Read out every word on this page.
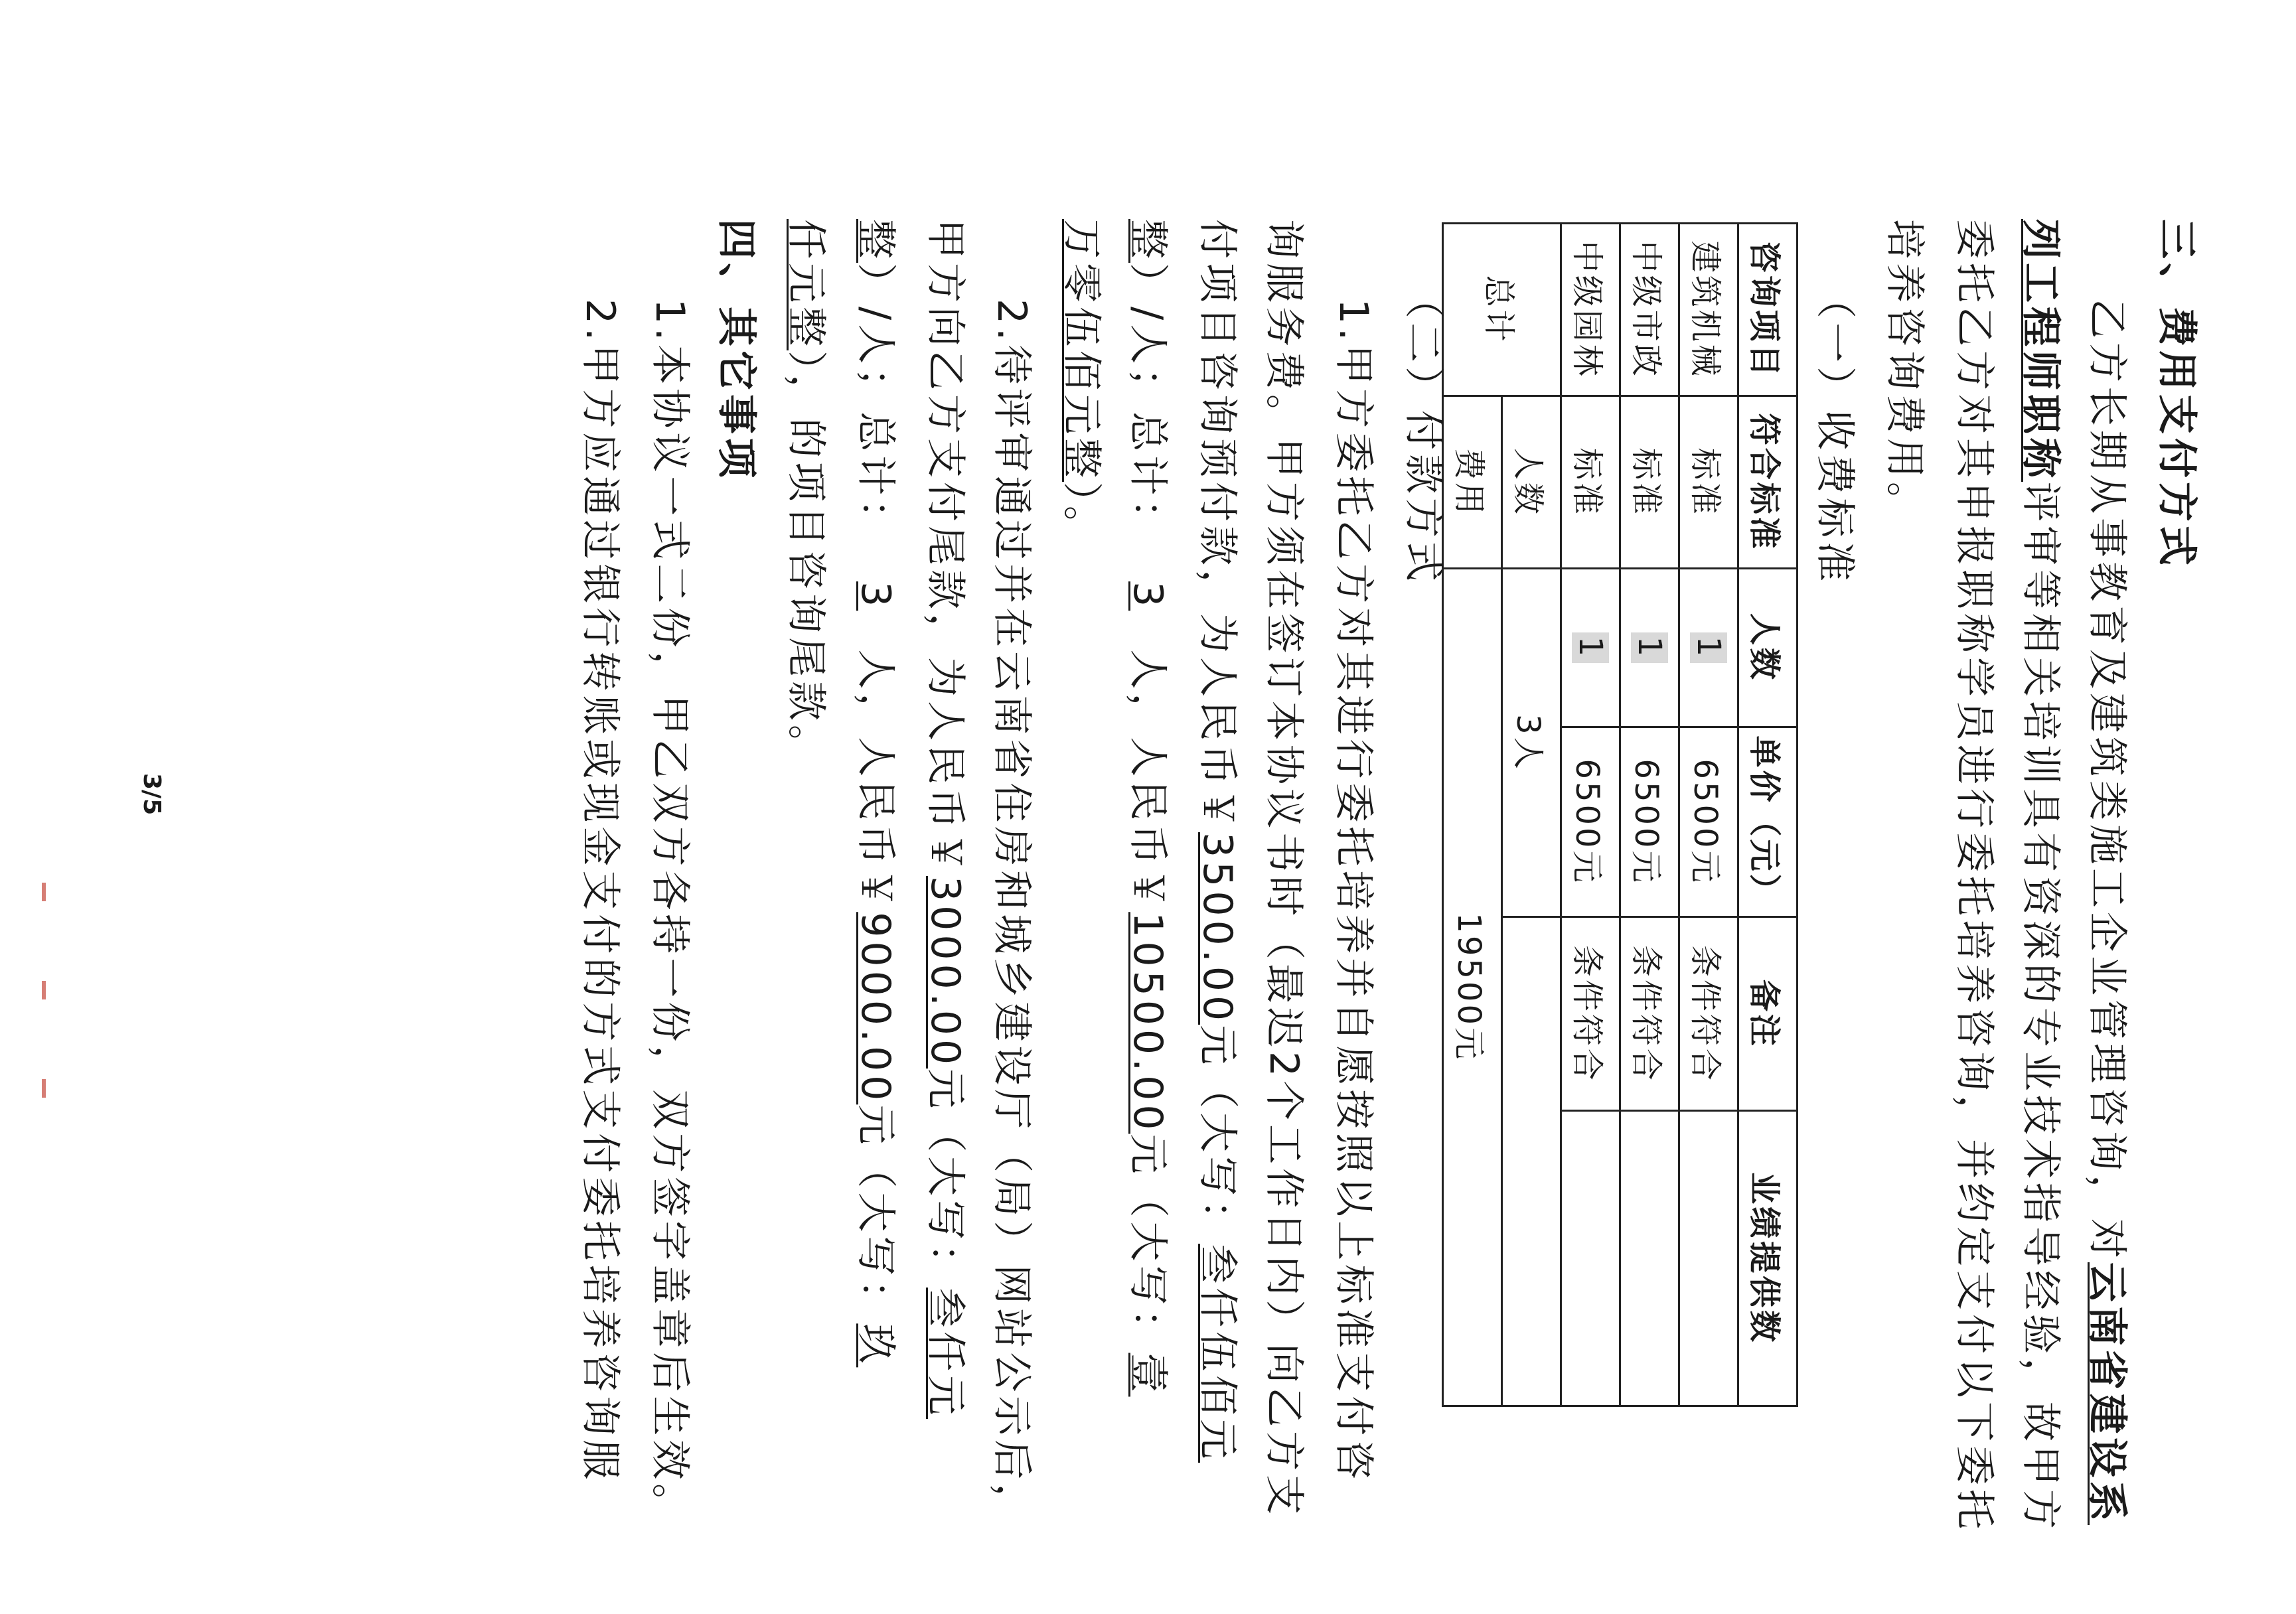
三、费用支付方式
乙方长期从事教育及建筑类施工企业管理咨询，对云南省建设系
列工程师职称评审等相关培训具有资深的专业技术指导经验，故甲方
委托乙方对其申报职称学员进行委托培养咨询，并约定支付以下委托
培养咨询费用。
（一）收费标准
咨询项目	符合标准	人数	单价（元）	备注	业绩提供数
建筑机械	标准	1	6500元	条件符合	
中级市政	标准	1	6500元	条件符合	
中级园林	标准	1	6500元	条件符合	
总计	人数	3人			
	费用	19500元			
（二）付款方式
1.甲方委托乙方对其进行委托培养并自愿按照以上标准支付咨
询服务费。甲方须在签订本协议书时（最迟2个工作日内）向乙方支
付项目咨询预付款，为人民币￥3500.00元（大写：叁仟伍佰元
整）/人；总计：3人，人民币￥10500.00元（大写：壹
万零伍佰元整）。
2.待评审通过并在云南省住房和城乡建设厅（局）网站公示后，
甲方向乙方支付尾款，为人民币￥3000.00元（大写：叁仟元
整）/人；总计：3人，人民币￥9000.00元（大写：玖
仟元整），的项目咨询尾款。
四、其它事项
1.本协议一式二份，甲乙双方各持一份，双方签字盖章后生效。
2.甲方应通过银行转账或现金支付的方式支付委托培养咨询服
3/5
